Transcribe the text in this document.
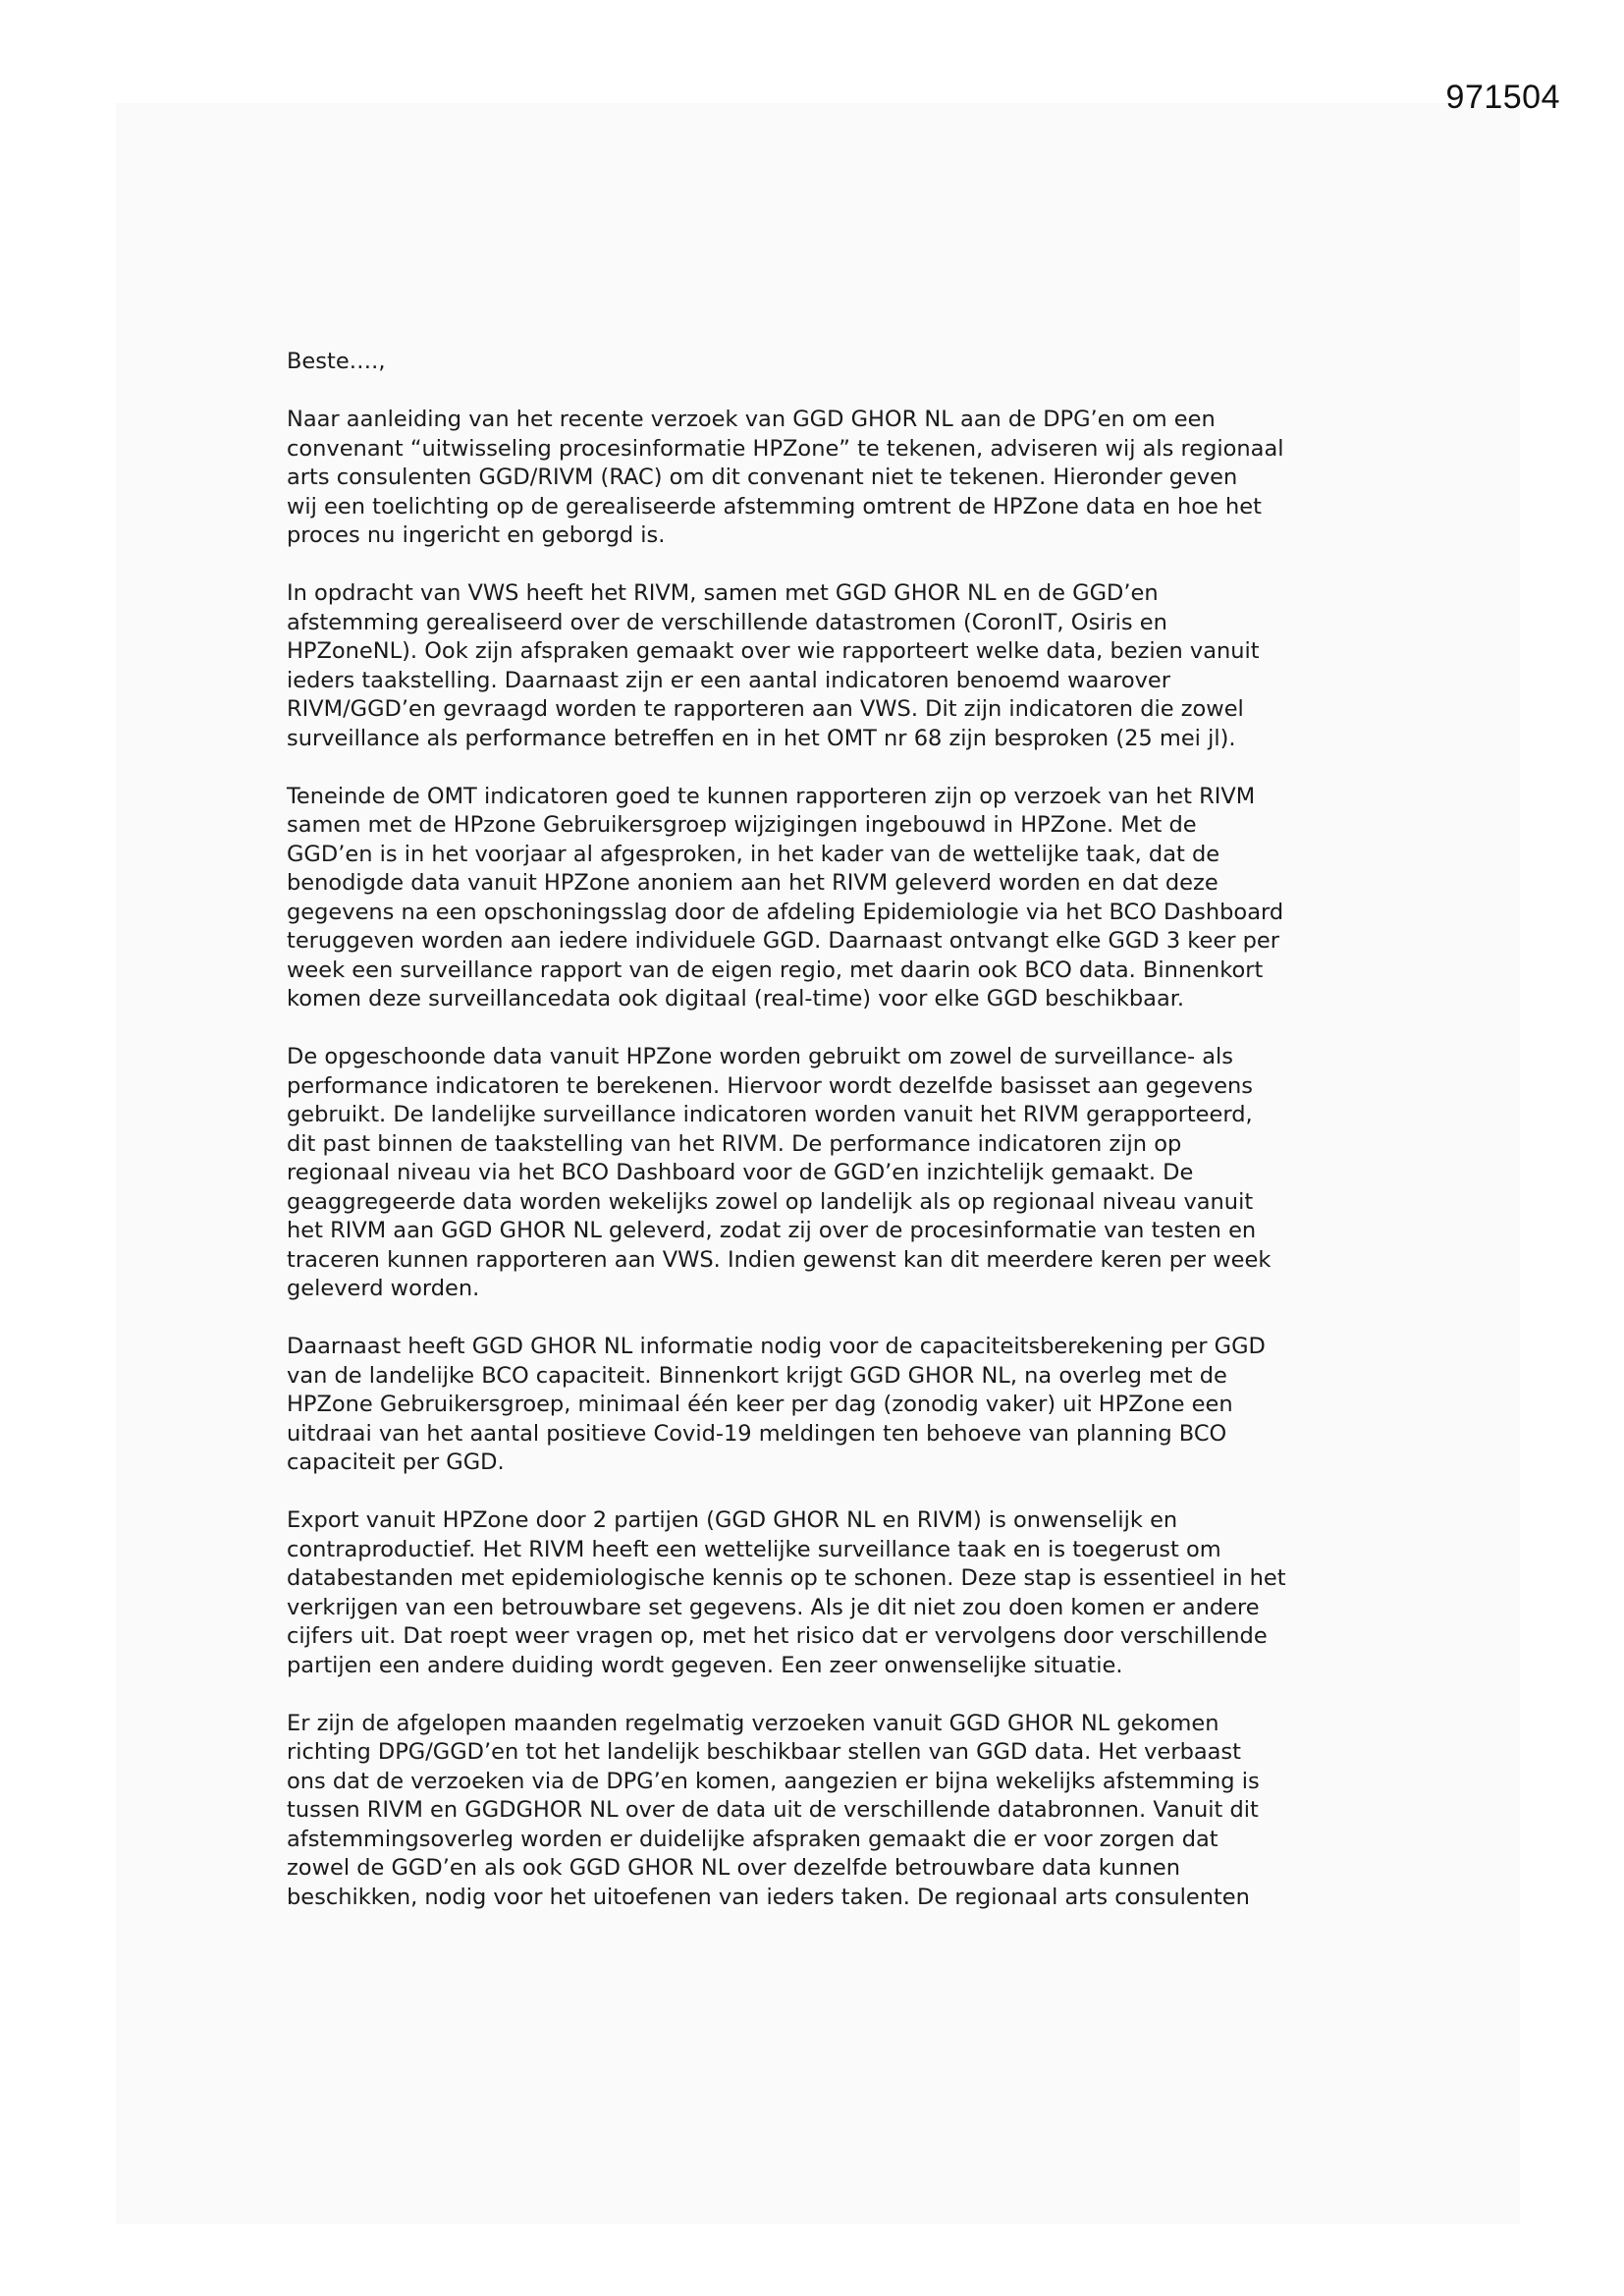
971504
Beste….,
Naar aanleiding van het recente verzoek van GGD GHOR NL aan de DPG’en om een
convenant “uitwisseling procesinformatie HPZone” te tekenen, adviseren wij als regionaal
arts consulenten GGD/RIVM (RAC) om dit convenant niet te tekenen. Hieronder geven
wij een toelichting op de gerealiseerde afstemming omtrent de HPZone data en hoe het
proces nu ingericht en geborgd is.
In opdracht van VWS heeft het RIVM, samen met GGD GHOR NL en de GGD’en
afstemming gerealiseerd over de verschillende datastromen (CoronIT, Osiris en
HPZoneNL). Ook zijn afspraken gemaakt over wie rapporteert welke data, bezien vanuit
ieders taakstelling. Daarnaast zijn er een aantal indicatoren benoemd waarover
RIVM/GGD’en gevraagd worden te rapporteren aan VWS. Dit zijn indicatoren die zowel
surveillance als performance betreffen en in het OMT nr 68 zijn besproken (25 mei jl).
Teneinde de OMT indicatoren goed te kunnen rapporteren zijn op verzoek van het RIVM
samen met de HPzone Gebruikersgroep wijzigingen ingebouwd in HPZone. Met de
GGD’en is in het voorjaar al afgesproken, in het kader van de wettelijke taak, dat de
benodigde data vanuit HPZone anoniem aan het RIVM geleverd worden en dat deze
gegevens na een opschoningsslag door de afdeling Epidemiologie via het BCO Dashboard
teruggeven worden aan iedere individuele GGD. Daarnaast ontvangt elke GGD 3 keer per
week een surveillance rapport van de eigen regio, met daarin ook BCO data. Binnenkort
komen deze surveillancedata ook digitaal (real-time) voor elke GGD beschikbaar.
De opgeschoonde data vanuit HPZone worden gebruikt om zowel de surveillance- als
performance indicatoren te berekenen. Hiervoor wordt dezelfde basisset aan gegevens
gebruikt. De landelijke surveillance indicatoren worden vanuit het RIVM gerapporteerd,
dit past binnen de taakstelling van het RIVM. De performance indicatoren zijn op
regionaal niveau via het BCO Dashboard voor de GGD’en inzichtelijk gemaakt. De
geaggregeerde data worden wekelijks zowel op landelijk als op regionaal niveau vanuit
het RIVM aan GGD GHOR NL geleverd, zodat zij over de procesinformatie van testen en
traceren kunnen rapporteren aan VWS. Indien gewenst kan dit meerdere keren per week
geleverd worden.
Daarnaast heeft GGD GHOR NL informatie nodig voor de capaciteitsberekening per GGD
van de landelijke BCO capaciteit. Binnenkort krijgt GGD GHOR NL, na overleg met de
HPZone Gebruikersgroep, minimaal één keer per dag (zonodig vaker) uit HPZone een
uitdraai van het aantal positieve Covid-19 meldingen ten behoeve van planning BCO
capaciteit per GGD.
Export vanuit HPZone door 2 partijen (GGD GHOR NL en RIVM) is onwenselijk en
contraproductief. Het RIVM heeft een wettelijke surveillance taak en is toegerust om
databestanden met epidemiologische kennis op te schonen. Deze stap is essentieel in het
verkrijgen van een betrouwbare set gegevens. Als je dit niet zou doen komen er andere
cijfers uit. Dat roept weer vragen op, met het risico dat er vervolgens door verschillende
partijen een andere duiding wordt gegeven. Een zeer onwenselijke situatie.
Er zijn de afgelopen maanden regelmatig verzoeken vanuit GGD GHOR NL gekomen
richting DPG/GGD’en tot het landelijk beschikbaar stellen van GGD data. Het verbaast
ons dat de verzoeken via de DPG’en komen, aangezien er bijna wekelijks afstemming is
tussen RIVM en GGDGHOR NL over de data uit de verschillende databronnen. Vanuit dit
afstemmingsoverleg worden er duidelijke afspraken gemaakt die er voor zorgen dat
zowel de GGD’en als ook GGD GHOR NL over dezelfde betrouwbare data kunnen
beschikken, nodig voor het uitoefenen van ieders taken. De regionaal arts consulenten
